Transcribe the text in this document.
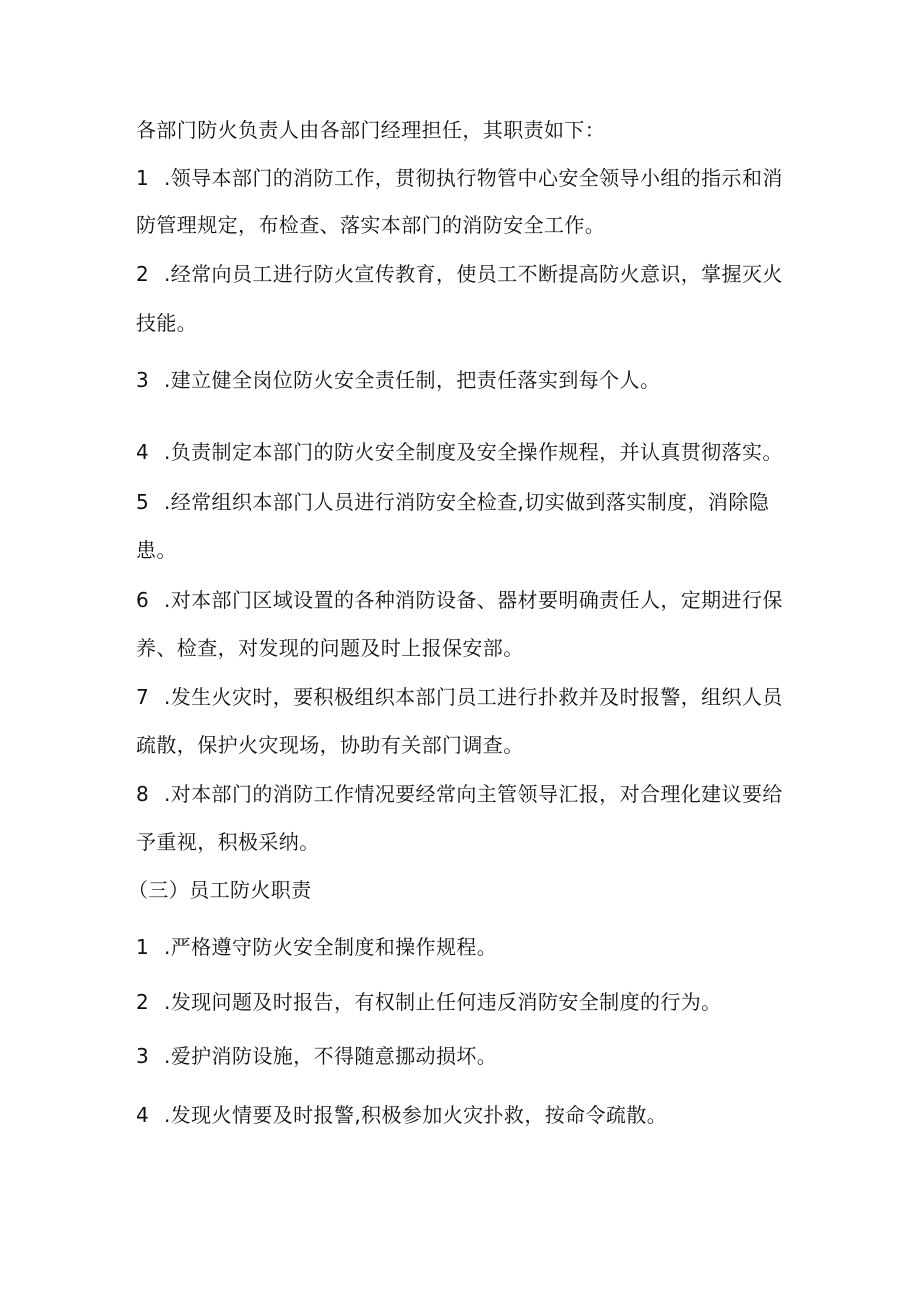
各部门防火负责人由各部门经理担任，其职责如下：
1 .领导本部门的消防工作，贯彻执行物管中心安全领导小组的指示和消
防管理规定，布检查、落实本部门的消防安全工作。
2 .经常向员工进行防火宣传教育，使员工不断提高防火意识，掌握灭火
技能。
3 .建立健全岗位防火安全责任制，把责任落实到每个人。
4 .负责制定本部门的防火安全制度及安全操作规程，并认真贯彻落实。
5 .经常组织本部门人员进行消防安全检查,切实做到落实制度，消除隐
患。
6 .对本部门区域设置的各种消防设备、器材要明确责任人，定期进行保
养、检查，对发现的问题及时上报保安部。
7 .发生火灾时，要积极组织本部门员工进行扑救并及时报警，组织人员
疏散，保护火灾现场，协助有关部门调查。
8 .对本部门的消防工作情况要经常向主管领导汇报，对合理化建议要给
予重视，积极采纳。
（三）员工防火职责
1 .严格遵守防火安全制度和操作规程。
2 .发现问题及时报告，有权制止任何违反消防安全制度的行为。
3 .爱护消防设施，不得随意挪动损坏。
4 .发现火情要及时报警,积极参加火灾扑救，按命令疏散。
